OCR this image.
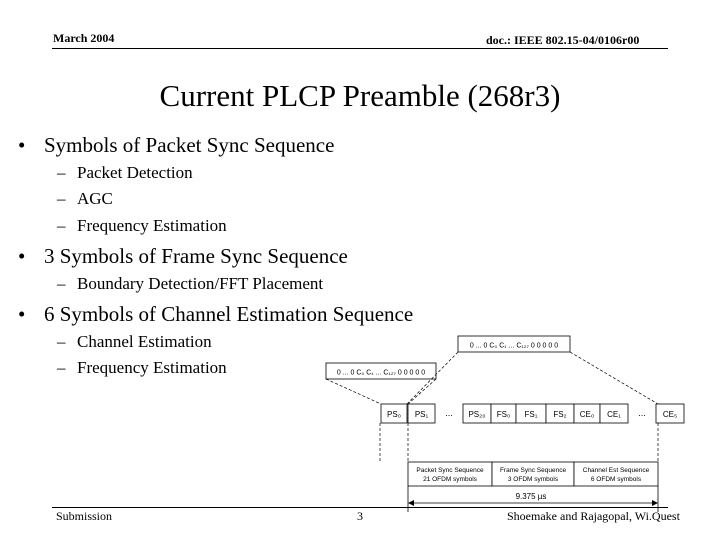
March 2004	doc.: IEEE 802.15-04/0106r00
Current PLCP Preamble (268r3)
• Symbols of Packet Sync Sequence
– Packet Detection
– AGC
– Frequency Estimation
• 3 Symbols of Frame Sync Sequence
– Boundary Detection/FFT Placement
• 6 Symbols of Channel Estimation Sequence
– Channel Estimation
– Frequency Estimation
0 ... 0 C₀ C₁ ... C₁₂₇ 0 0 0 0 0
0 ... 0 C₀ C₁ ... C₁₂₇ 0 0 0 0 0
PS₀ PS₁ ... PS₂₀ FS₀ FS₁ FS₂ CE₀ CE₁ ... CE₅
Packet Sync Sequence
21 OFDM symbols
Frame Sync Sequence
3 OFDM symbols
Channel Est Sequence
6 OFDM symbols
9.375 µs
Submission	3	Shoemake and Rajagopal, Wi.Quest
